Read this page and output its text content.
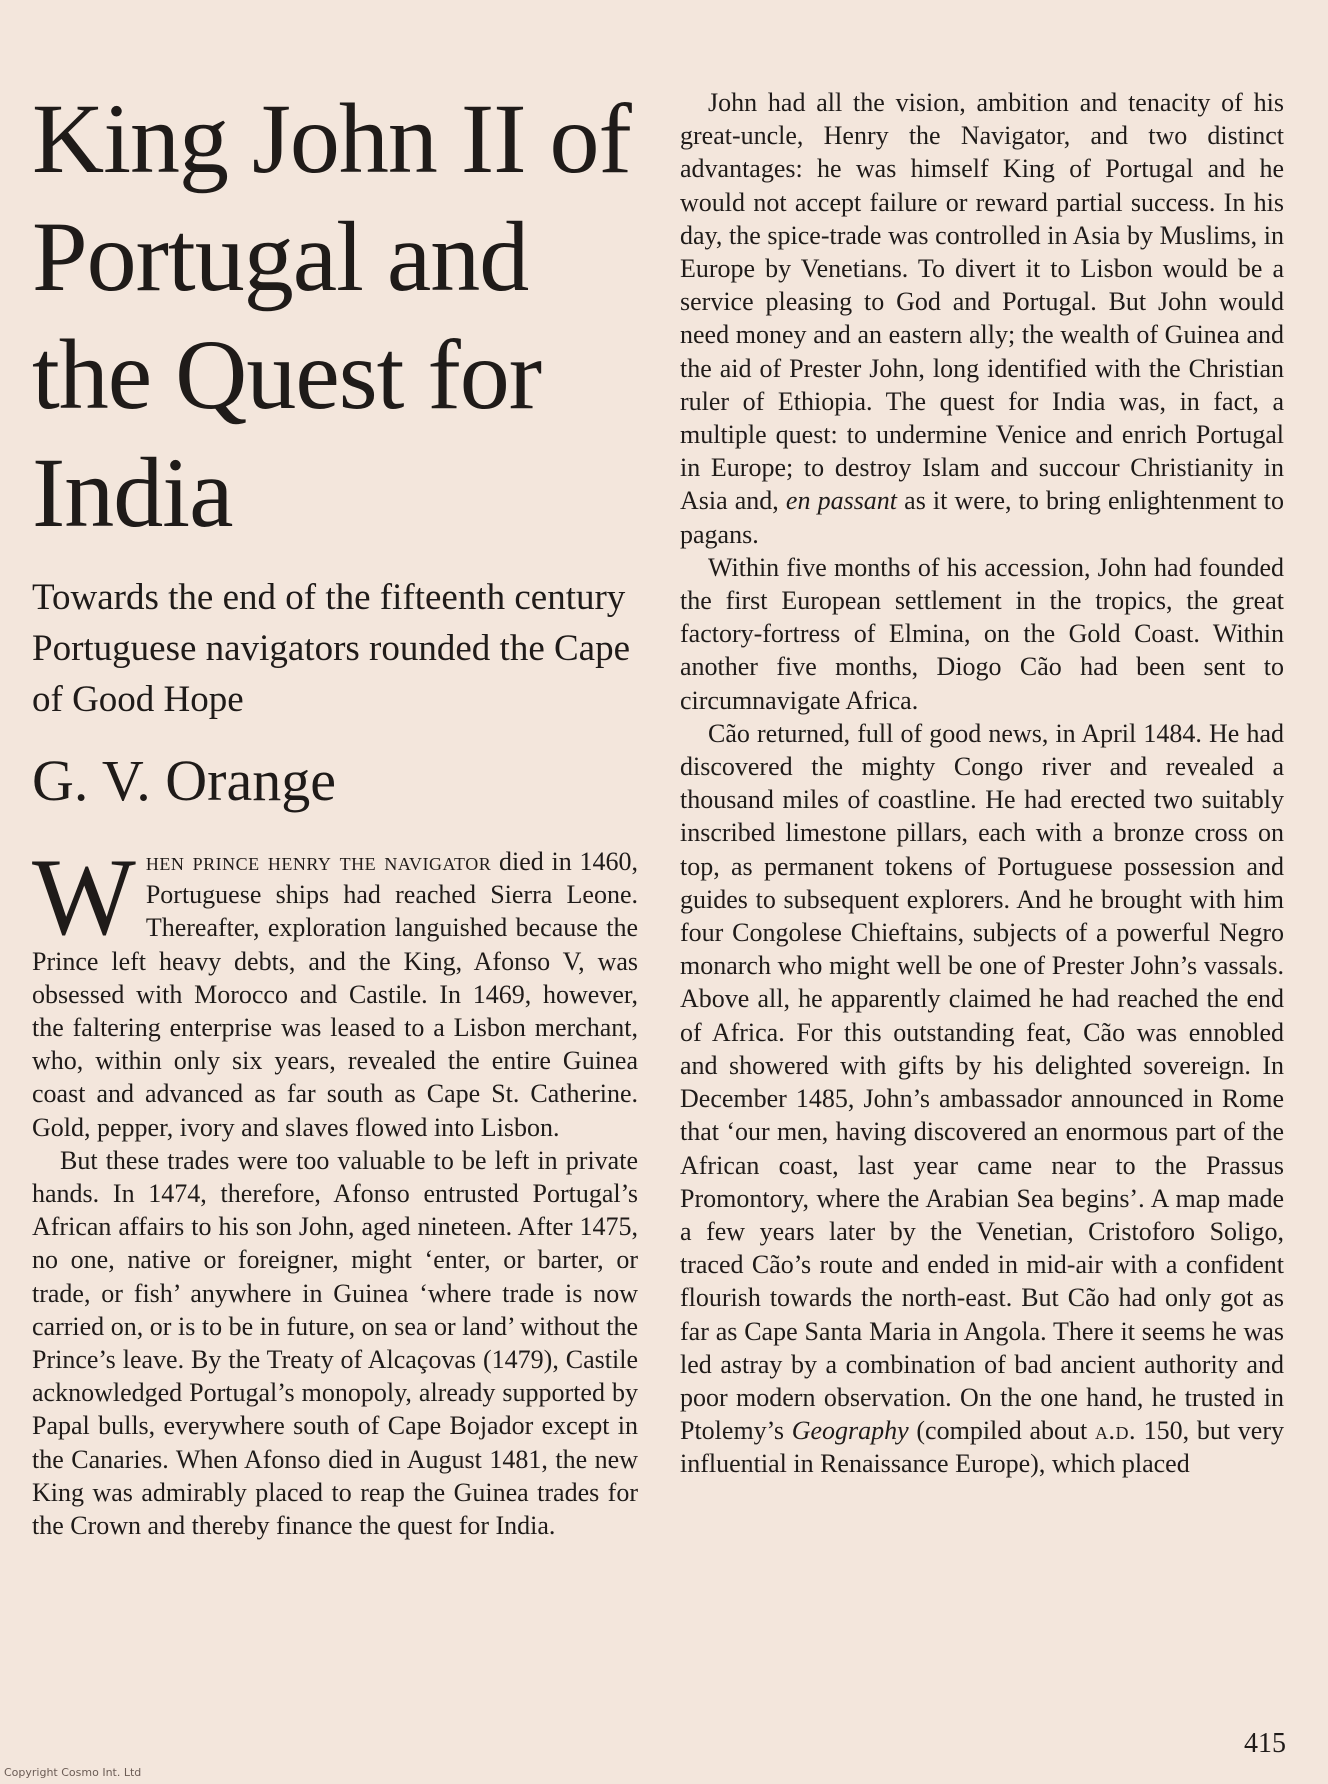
King John II of Portugal and the Quest for India
Towards the end of the fifteenth century Portuguese navigators rounded the Cape of Good Hope
G. V. Orange

When prince henry the navigator died in 1460, Portuguese ships had reached Sierra Leone. Thereafter, exploration languished because the Prince left heavy debts, and the King, Afonso V, was obsessed with Morocco and Castile. In 1469, however, the faltering enterprise was leased to a Lisbon merchant, who, within only six years, revealed the entire Guinea coast and advanced as far south as Cape St. Catherine. Gold, pepper, ivory and slaves flowed into Lisbon.

But these trades were too valuable to be left in private hands. In 1474, therefore, Afonso entrusted Portugal’s African affairs to his son John, aged nineteen. After 1475, no one, native or foreigner, might ‘enter, or barter, or trade, or fish’ anywhere in Guinea ‘where trade is now carried on, or is to be in future, on sea or land’ without the Prince’s leave. By the Treaty of Alcaçovas (1479), Castile acknowledged Portugal’s monopoly, already supported by Papal bulls, everywhere south of Cape Bojador except in the Canaries. When Afonso died in August 1481, the new King was admirably placed to reap the Guinea trades for the Crown and thereby finance the quest for India.

John had all the vision, ambition and tenacity of his great-uncle, Henry the Navigator, and two distinct advantages: he was himself King of Portugal and he would not accept failure or reward partial success. In his day, the spice-trade was controlled in Asia by Muslims, in Europe by Venetians. To divert it to Lisbon would be a service pleasing to God and Portugal. But John would need money and an eastern ally; the wealth of Guinea and the aid of Prester John, long identified with the Christian ruler of Ethiopia. The quest for India was, in fact, a multiple quest: to undermine Venice and enrich Portugal in Europe; to destroy Islam and succour Christianity in Asia and, en passant as it were, to bring enlightenment to pagans.

Within five months of his accession, John had founded the first European settlement in the tropics, the great factory-fortress of Elmina, on the Gold Coast. Within another five months, Diogo Cão had been sent to circumnavigate Africa.

Cão returned, full of good news, in April 1484. He had discovered the mighty Congo river and revealed a thousand miles of coastline. He had erected two suitably inscribed limestone pillars, each with a bronze cross on top, as permanent tokens of Portuguese possession and guides to subsequent explorers. And he brought with him four Congolese Chieftains, subjects of a powerful Negro monarch who might well be one of Prester John’s vassals. Above all, he apparently claimed he had reached the end of Africa. For this outstanding feat, Cão was ennobled and showered with gifts by his delighted sovereign. In December 1485, John’s ambassador announced in Rome that ‘our men, having discovered an enormous part of the African coast, last year came near to the Prassus Promontory, where the Arabian Sea begins’. A map made a few years later by the Venetian, Cristoforo Soligo, traced Cão’s route and ended in mid-air with a confident flourish towards the north-east. But Cão had only got as far as Cape Santa Maria in Angola. There it seems he was led astray by a combination of bad ancient authority and poor modern observation. On the one hand, he trusted in Ptolemy’s Geography (compiled about a.d. 150, but very influential in Renaissance Europe), which placed

415
Copyright Cosmo Int. Ltd
